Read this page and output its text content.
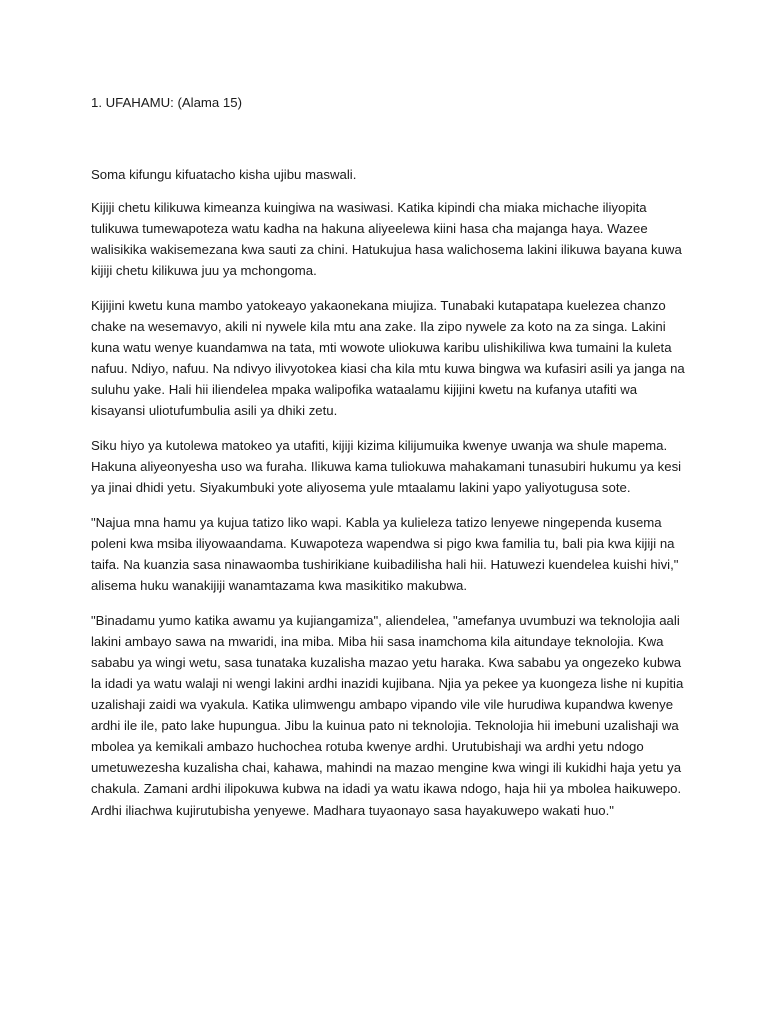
1. UFAHAMU: (Alama 15)

Soma kifungu kifuatacho kisha ujibu maswali.

Kijiji chetu kilikuwa kimeanza kuingiwa na wasiwasi. Katika kipindi cha miaka michache iliyopita tulikuwa tumewapoteza watu kadha na hakuna aliyeelewa kiini hasa cha majanga haya. Wazee walisikika wakisemezana kwa sauti za chini. Hatukujua hasa walichosema lakini ilikuwa bayana kuwa kijiji chetu kilikuwa juu ya mchongoma.

Kijijini kwetu kuna mambo yatokeayo yakaonekana miujiza. Tunabaki kutapatapa kuelezea chanzo chake na wesemavyo, akili ni nywele kila mtu ana zake. Ila zipo nywele za koto na za singa. Lakini kuna watu wenye kuandamwa na tata, mti wowote uliokuwa karibu ulishikiliwa kwa tumaini la kuleta nafuu. Ndiyo, nafuu. Na ndivyo ilivyotokea kiasi cha kila mtu kuwa bingwa wa kufasiri asili ya janga na suluhu yake. Hali hii iliendelea mpaka walipofika wataalamu kijijini kwetu na kufanya utafiti wa kisayansi uliotufumbulia asili ya dhiki zetu.

Siku hiyo ya kutolewa matokeo ya utafiti, kijiji kizima kilijumuika kwenye uwanja wa shule mapema. Hakuna aliyeonyesha uso wa furaha. Ilikuwa kama tuliokuwa mahakamani tunasubiri hukumu ya kesi ya jinai dhidi yetu. Siyakumbuki yote aliyosema yule mtaalamu lakini yapo yaliyotugusa sote.

"Najua mna hamu ya kujua tatizo liko wapi. Kabla ya kulieleza tatizo lenyewe ningependa kusema poleni kwa msiba iliyowaandama. Kuwapoteza wapendwa si pigo kwa familia tu, bali pia kwa kijiji na taifa. Na kuanzia sasa ninawaomba tushirikiane kuibadilisha hali hii. Hatuwezi kuendelea kuishi hivi," alisema huku wanakijiji wanamtazama kwa masikitiko makubwa.

"Binadamu yumo katika awamu ya kujiangamiza", aliendelea, "amefanya uvumbuzi wa teknolojia aali lakini ambayo sawa na mwaridi, ina miba. Miba hii sasa inamchoma kila aitundaye teknolojia. Kwa sababu ya wingi wetu, sasa tunataka kuzalisha mazao yetu haraka. Kwa sababu ya ongezeko kubwa la idadi ya watu walaji ni wengi lakini ardhi inazidi kujibana. Njia ya pekee ya kuongeza lishe ni kupitia uzalishaji zaidi wa vyakula. Katika ulimwengu ambapo vipando vile vile hurudiwa kupandwa kwenye ardhi ile ile, pato lake hupungua. Jibu la kuinua pato ni teknolojia. Teknolojia hii imebuni uzalishaji wa mbolea ya kemikali ambazo huchochea rotuba kwenye ardhi. Urutubishaji wa ardhi yetu ndogo umetuwezesha kuzalisha chai, kahawa, mahindi na mazao mengine kwa wingi ili kukidhi haja yetu ya chakula. Zamani ardhi ilipokuwa kubwa na idadi ya watu ikawa ndogo, haja hii ya mbolea haikuwepo. Ardhi iliachwa kujirutubisha yenyewe. Madhara tuyaonayo sasa hayakuwepo wakati huo."
